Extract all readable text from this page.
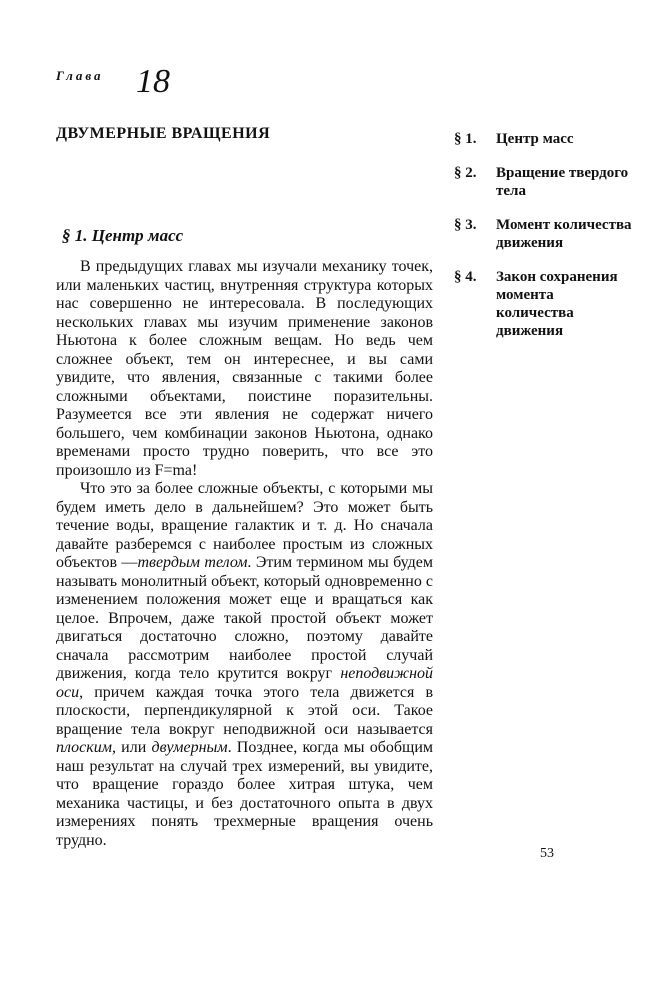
Глава 18
ДВУМЕРНЫЕ ВРАЩЕНИЯ
§ 1. Центр масс

В предыдущих главах мы изучали механику точек, или маленьких частиц, внутренняя структура которых нас совершенно не интересовала. В последующих нескольких главах мы изучим применение законов Ньютона к более сложным вещам. Но ведь чем сложнее объект, тем он интереснее, и вы сами увидите, что явления, связанные с такими более сложными объектами, поистине поразительны. Разумеется все эти явления не содержат ничего большего, чем комбинации законов Ньютона, однако временами просто трудно поверить, что все это произошло из F=ma!

Что это за более сложные объекты, с которыми мы будем иметь дело в дальнейшем? Это может быть течение воды, вращение галактик и т. д. Но сначала давайте разберемся с наиболее простым из сложных объектов —твердым телом. Этим термином мы будем называть монолитный объект, который одновременно с изменением положения может еще и вращаться как целое. Впрочем, даже такой простой объект может двигаться достаточно сложно, поэтому давайте сначала рассмотрим наиболее простой случай движения, когда тело крутится вокруг неподвижной оси, причем каждая точка этого тела движется в плоскости, перпендикулярной к этой оси. Такое вращение тела вокруг неподвижной оси называется плоским, или двумерным. Позднее, когда мы обобщим наш результат на случай трех измерений, вы увидите, что вращение гораздо более хитрая штука, чем механика частицы, и без достаточного опыта в двух измерениях понять трехмерные вращения очень трудно.

§ 1.	Центр масс
§ 2.	Вращение твердого тела
§ 3.	Момент количества движения
§ 4.	Закон сохранения момента количества движения
53
